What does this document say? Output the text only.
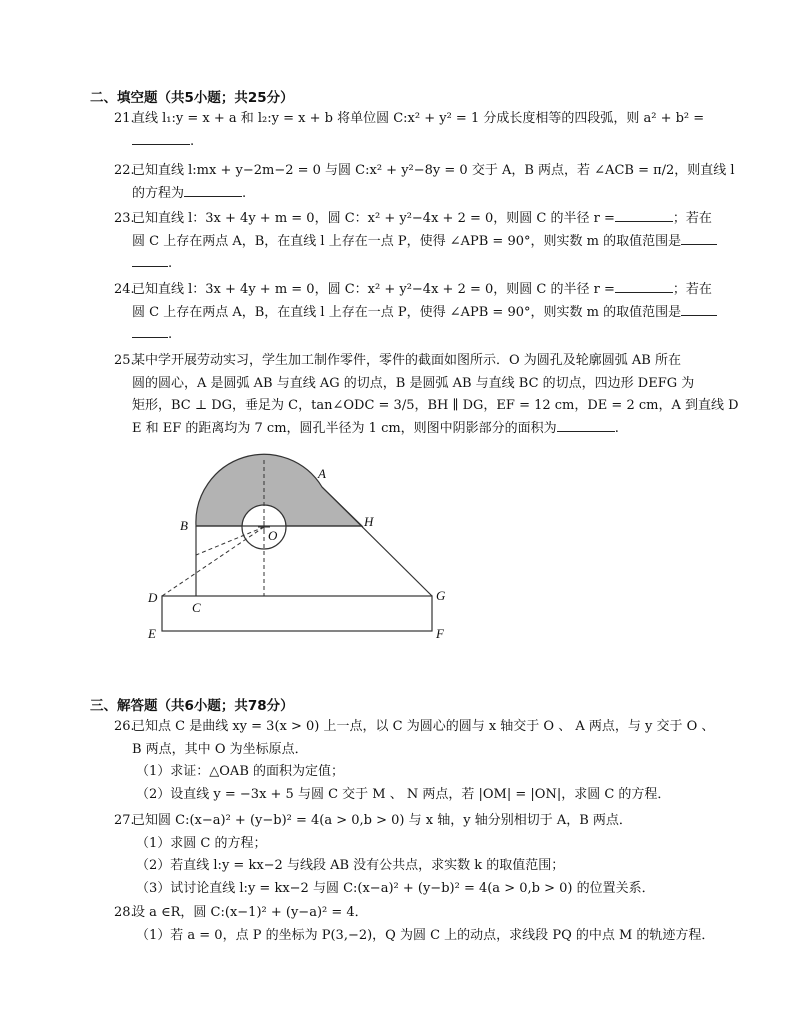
二、填空题（共5小题；共25分）
21.直线 l₁:y = x + a 和 l₂:y = x + b 将单位圆 C:x² + y² = 1 分成长度相等的四段弧，则 a² + b² =
.
22.已知直线 l:mx + y−2m−2 = 0 与圆 C:x² + y²−8y = 0 交于 A，B 两点，若 ∠ACB = π/2，则直线 l
的方程为	.
23.已知直线 l：3x + 4y + m = 0，圆 C：x² + y²−4x + 2 = 0，则圆 C 的半径 r =	；若在
圆 C 上存在两点 A，B，在直线 l 上存在一点 P，使得 ∠APB = 90°，则实数 m 的取值范围是
.
24.已知直线 l：3x + 4y + m = 0，圆 C：x² + y²−4x + 2 = 0，则圆 C 的半径 r =	；若在
圆 C 上存在两点 A，B，在直线 l 上存在一点 P，使得 ∠APB = 90°，则实数 m 的取值范围是
.
25.某中学开展劳动实习，学生加工制作零件，零件的截面如图所示．O 为圆孔及轮廓圆弧 AB 所在
圆的圆心，A 是圆弧 AB 与直线 AG 的切点，B 是圆弧 AB 与直线 BC 的切点，四边形 DEFG 为
矩形，BC ⊥ DG，垂足为 C，tan∠ODC = 3/5，BH ∥ DG，EF = 12 cm，DE = 2 cm，A 到直线 D
E 和 EF 的距离均为 7 cm，圆孔半径为 1 cm，则图中阴影部分的面积为	.
A
B	H
O
D
C
G
E	F
三、解答题（共6小题；共78分）
26.已知点 C 是曲线 xy = 3(x > 0) 上一点，以 C 为圆心的圆与 x 轴交于 O 、 A 两点，与 y 交于 O 、
B 两点，其中 O 为坐标原点．
（1）求证：△OAB 的面积为定值；
（2）设直线 y = −3x + 5 与圆 C 交于 M 、 N 两点，若 |OM| = |ON|，求圆 C 的方程．
27.已知圆 C:(x−a)² + (y−b)² = 4(a > 0,b > 0) 与 x 轴，y 轴分别相切于 A，B 两点．
（1）求圆 C 的方程；
（2）若直线 l:y = kx−2 与线段 AB 没有公共点，求实数 k 的取值范围；
（3）试讨论直线 l:y = kx−2 与圆 C:(x−a)² + (y−b)² = 4(a > 0,b > 0) 的位置关系．
28.设 a ∈R，圆 C:(x−1)² + (y−a)² = 4．
（1）若 a = 0，点 P 的坐标为 P(3,−2)，Q 为圆 C 上的动点，求线段 PQ 的中点 M 的轨迹方程．
